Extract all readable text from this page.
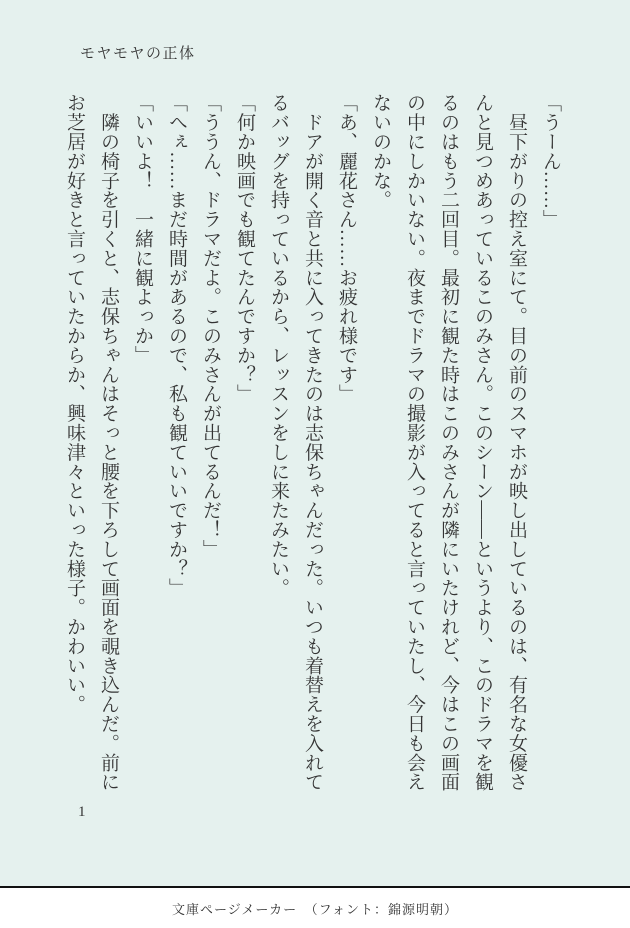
モヤモヤの正体
「うーん……」
　昼下がりの控え室にて。目の前のスマホが映し出しているのは、有名な女優さ
んと見つめあっているこのみさん。このシーン――というより、このドラマを観
るのはもう二回目。最初に観た時はこのみさんが隣にいたけれど、今はこの画面
の中にしかいない。夜までドラマの撮影が入ってると言っていたし、今日も会え
ないのかな。
「あ、麗花さん……お疲れ様です」
　ドアが開く音と共に入ってきたのは志保ちゃんだった。いつも着替えを入れて
るバッグを持っているから、レッスンをしに来たみたい。
「何か映画でも観てたんですか？」
「ううん、ドラマだよ。このみさんが出てるんだ！」
「へぇ……まだ時間があるので、私も観ていいですか？」
「いいよ！　一緒に観よっか」
　隣の椅子を引くと、志保ちゃんはそっと腰を下ろして画面を覗き込んだ。前に
お芝居が好きと言っていたからか、興味津々といった様子。かわいい。
1
文庫ページメーカー　（フォント：錦源明朝）
